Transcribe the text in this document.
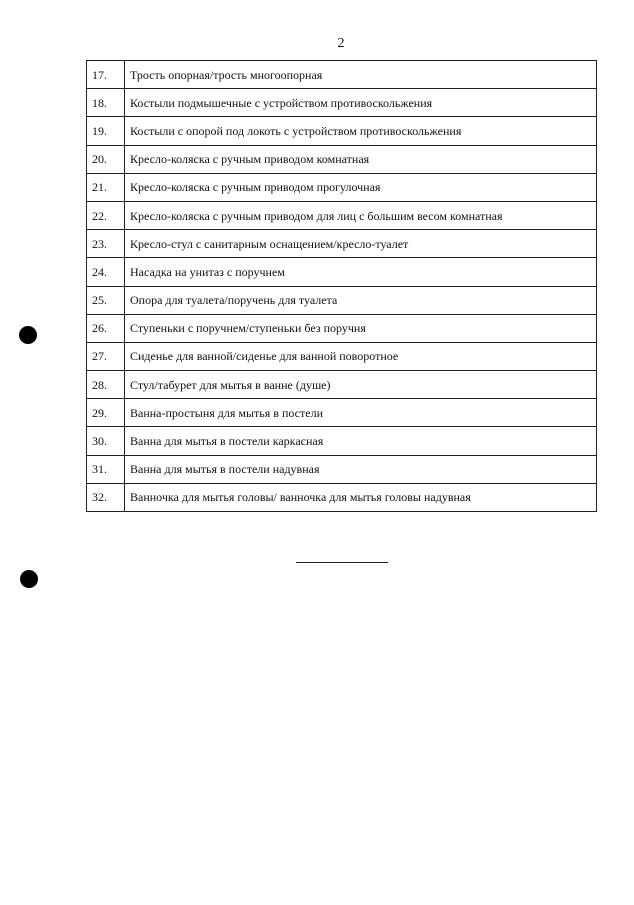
2
17.	Трость опорная/трость многоопорная
18.	Костыли подмышечные с устройством противоскольжения
19.	Костыли с опорой под локоть с устройством противоскольжения
20.	Кресло-коляска с ручным приводом комнатная
21.	Кресло-коляска с ручным приводом прогулочная
22.	Кресло-коляска с ручным приводом для лиц с большим весом комнатная
23.	Кресло-стул с санитарным оснащением/кресло-туалет
24.	Насадка на унитаз с поручнем
25.	Опора для туалета/поручень для туалета
26.	Ступеньки с поручнем/ступеньки без поручня
27.	Сиденье для ванной/сиденье для ванной поворотное
28.	Стул/табурет для мытья в ванне (душе)
29.	Ванна-простыня для мытья в постели
30.	Ванна для мытья в постели каркасная
31.	Ванна для мытья в постели надувная
32.	Ванночка для мытья головы/ ванночка для мытья головы надувная
